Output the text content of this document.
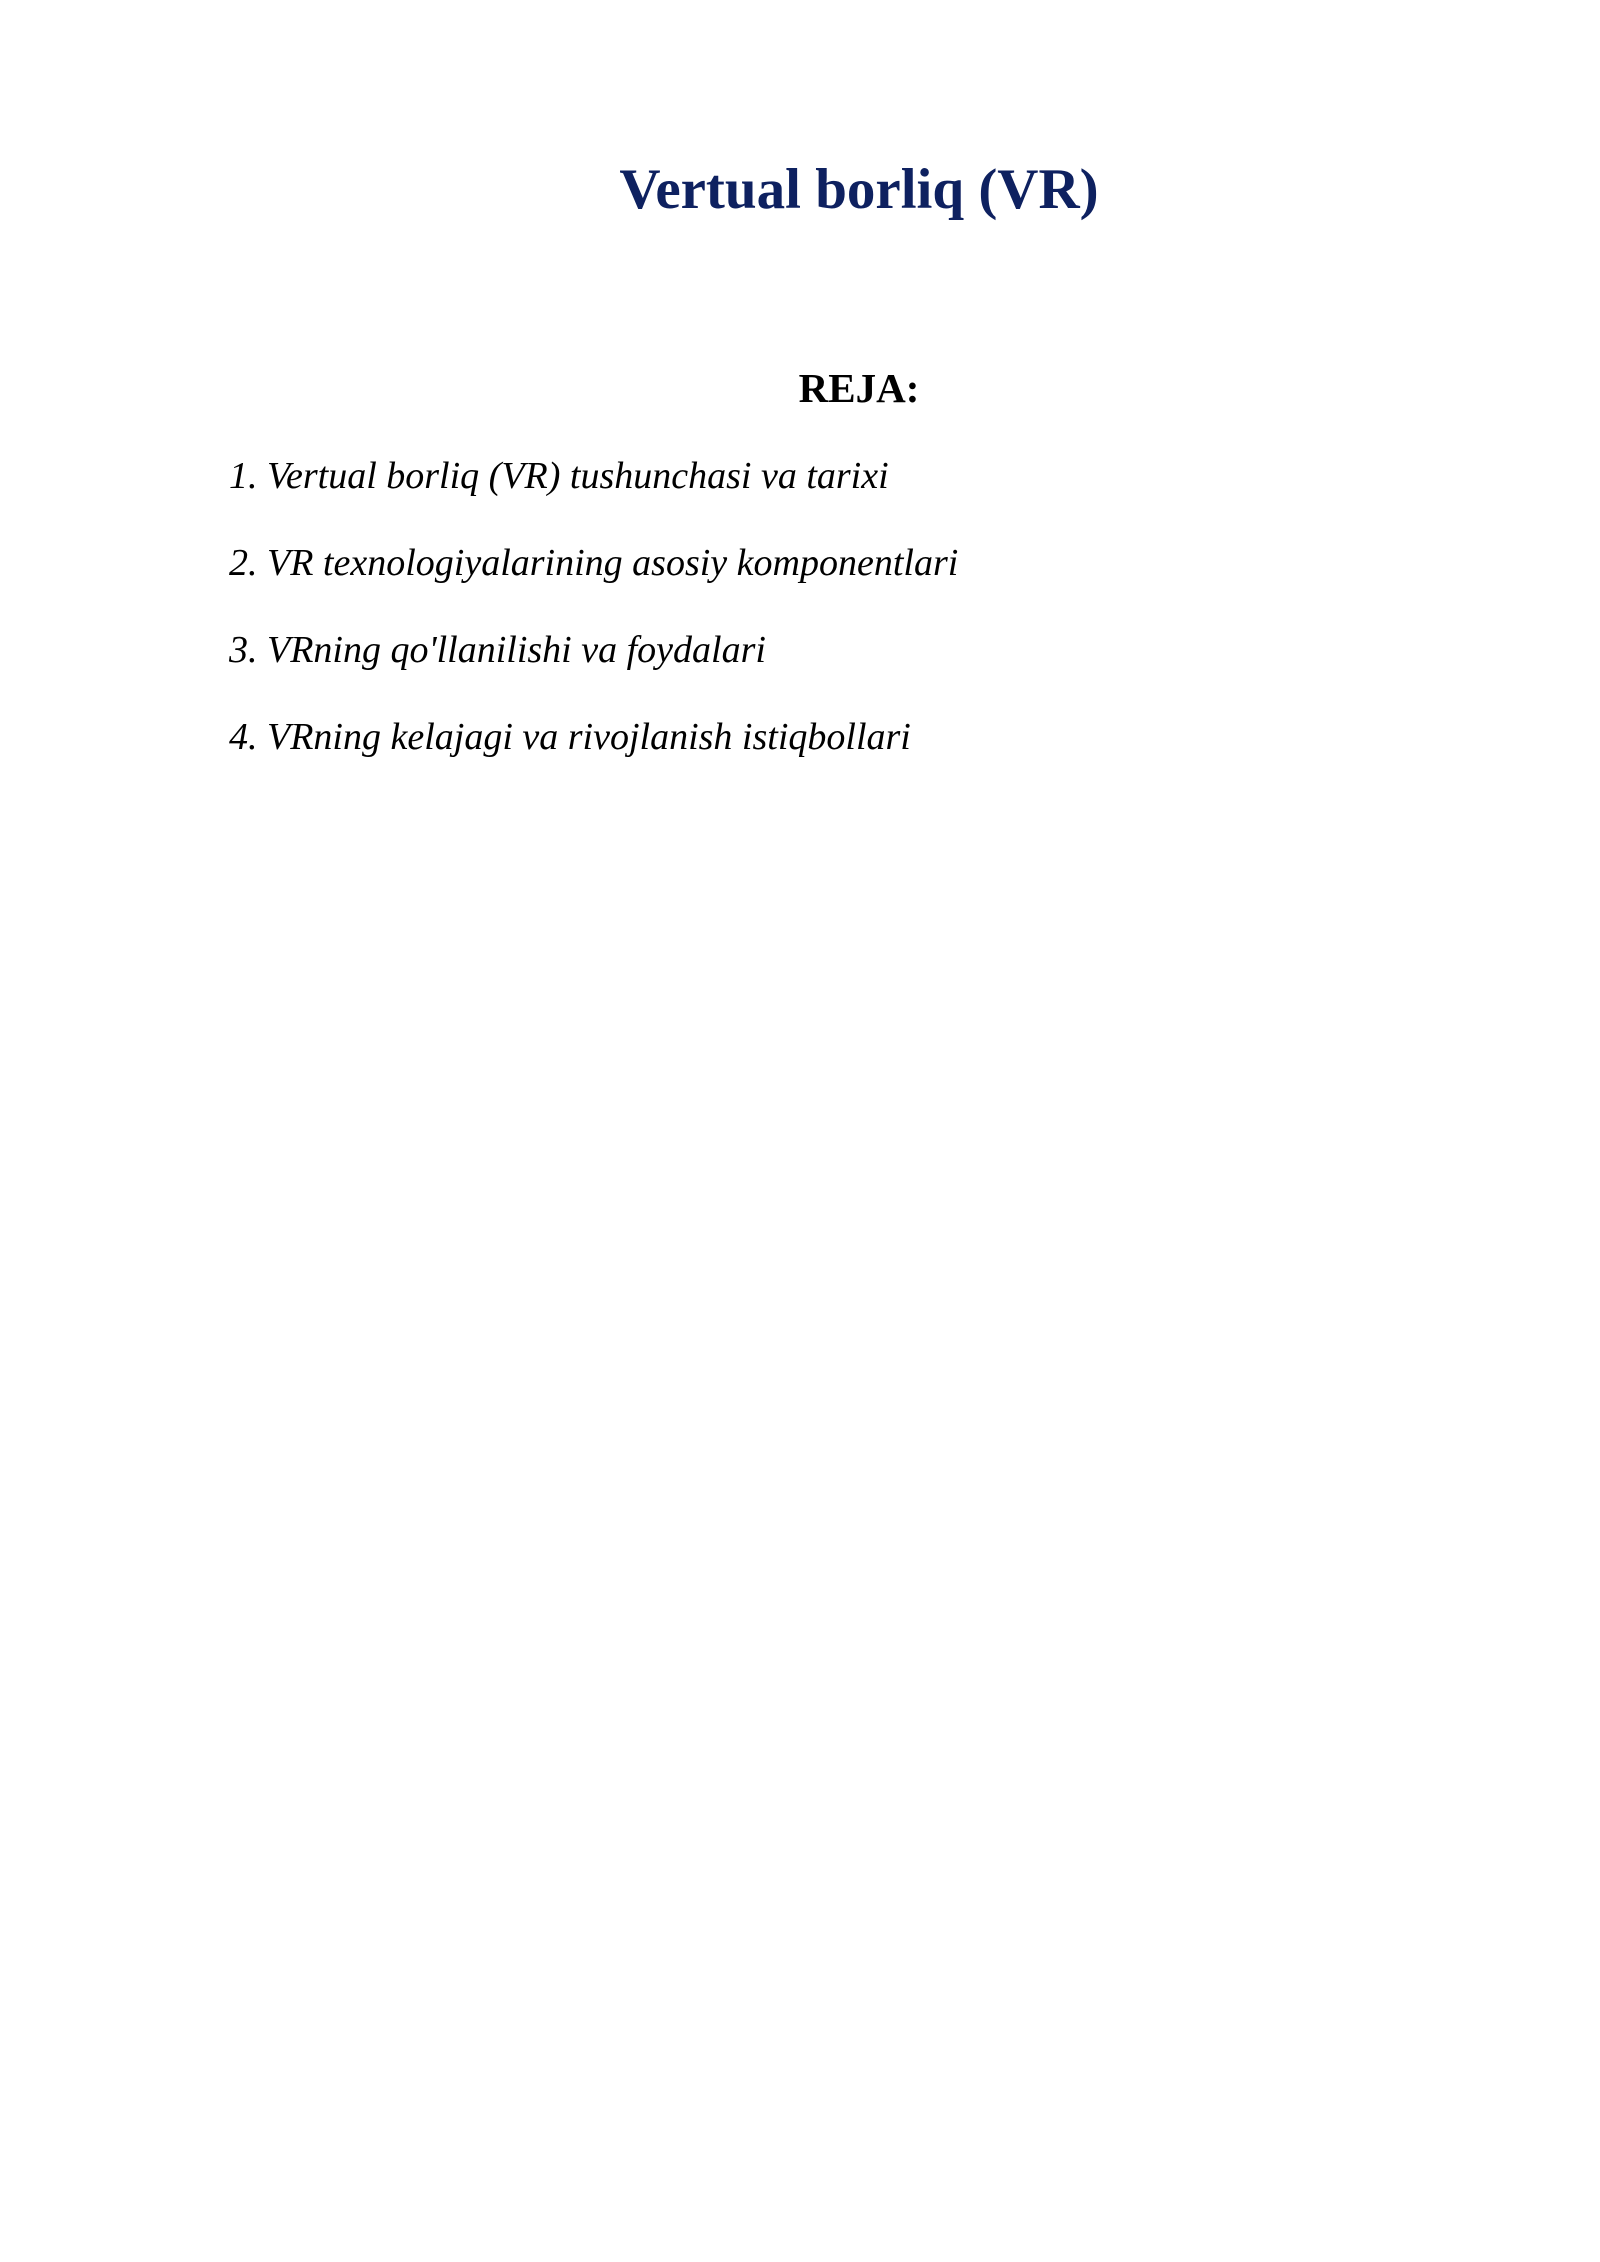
Vertual borliq (VR)
REJA:
1. Vertual borliq (VR) tushunchasi va tarixi
2. VR texnologiyalarining asosiy komponentlari
3. VRning qo'llanilishi va foydalari
4. VRning kelajagi va rivojlanish istiqbollari
